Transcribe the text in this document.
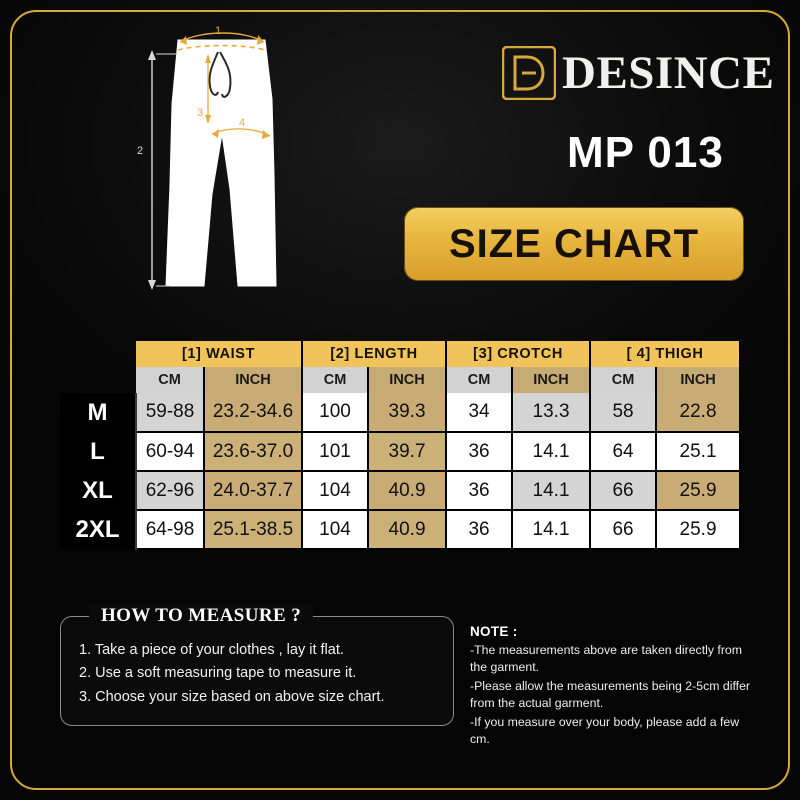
1
2
3
4
DESINCE
MP 013
SIZE CHART
	[1] WAIST		[2] LENGTH		[3] CROTCH		[ 4] THIGH	
	CM	INCH	CM	INCH	CM	INCH	CM	INCH
M	59-88	23.2-34.6	100	39.3	34	13.3	58	22.8
L	60-94	23.6-37.0	101	39.7	36	14.1	64	25.1
XL	62-96	24.0-37.7	104	40.9	36	14.1	66	25.9
2XL	64-98	25.1-38.5	104	40.9	36	14.1	66	25.9
HOW TO MEASURE ?
1. Take a piece of your clothes , lay it flat.
2. Use a soft measuring tape to measure it.
3. Choose your size based on above size chart.
NOTE :

-The measurements above are taken directly from the garment.

-Please allow the measurements being 2-5cm differ from the actual garment.

-If you measure over your body, please add a few cm.
